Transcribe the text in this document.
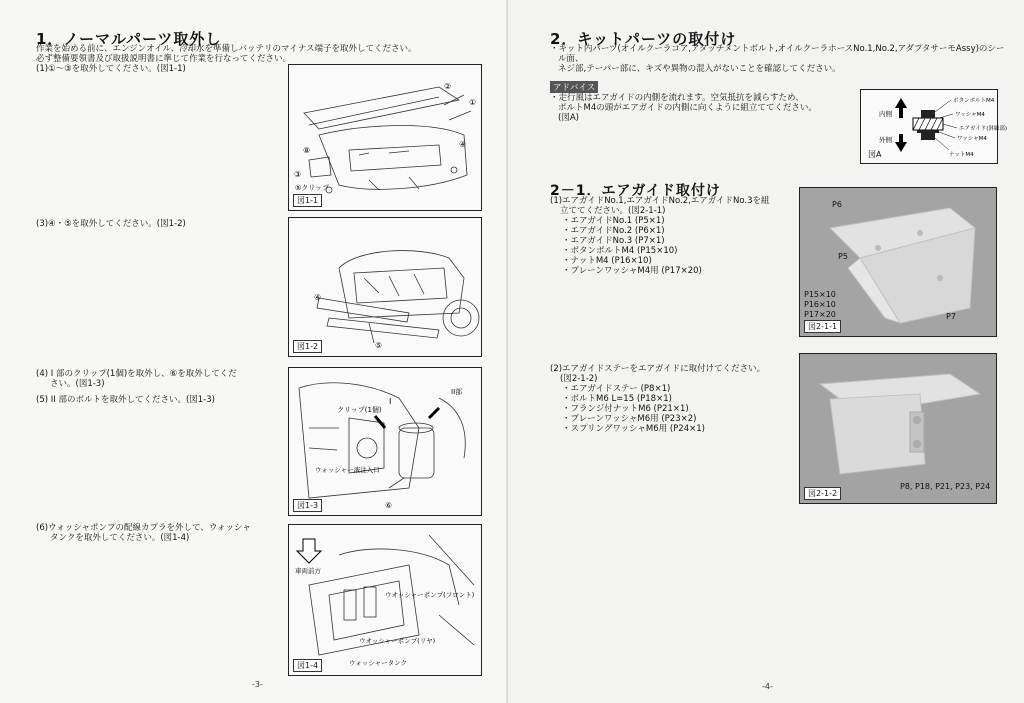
1．ノーマルパーツ取外し
作業を始める前に、エンジンオイル、冷却水を準備しバッテリのマイナス端子を取外してください。
必ず整備要領書及び取扱説明書に準じて作業を行なってください。
(1)①～③を取外してください。(図1-1)
①
②
③
④
⑧
⑤クリップ
図1-1
(3)④・⑤を取外してください。(図1-2)
④
⑤
図1-2
(4) I 部のクリップ(1個)を取外し、⑥を取外してくだ
さい。(図1-3)
(5) II 部のボルトを取外してください。(図1-3)
クリップ(1個)
II部
I
ウォッシャー液注入口
⑥
図1-3
(6)ウォッシャポンプの配線カプラを外して、ウォッシャ
タンクを取外してください。(図1-4)
車両前方
ウオッシャーポンプ(フロント)
ウオッシャーポンプ(リヤ)
ウォッシャータンク
図1-4
-3-
2．キットパーツの取付け
・キット内パーツ(オイルクーラコア,アタッチメントボルト,オイルクーラホースNo.1,No.2,アダプタサーモAssy)のシー
ル面、
ネジ部,テーパー部に、キズや異物の混入がないことを確認してください。
アドバイス
・走行風はエアガイドの内側を流れます。空気抵抗を減らすため、
ボルトM4の頭がエアガイドの内側に向くように組立ててください。
(図A)
ボタンボルトM4
ワッシャM4
エアガイド(斜線部)
ワッシャM4
ナットM4
内側
外側
図A
2－1．エアガイド取付け
(1)エアガイドNo.1,エアガイドNo.2,エアガイドNo.3を組
立ててください。(図2-1-1)
・エアガイドNo.1 (P5×1)
・エアガイドNo.2 (P6×1)
・エアガイドNo.3 (P7×1)
・ボタンボルトM4 (P15×10)
・ナットM4 (P16×10)
・プレーンワッシャM4用 (P17×20)
P6
P5
P15×10
P16×10
P17×20	P7
図2-1-1
(2)エアガイドステーをエアガイドに取付けてください。
(図2-1-2)
・エアガイドステー (P8×1)
・ボルトM6 L=15 (P18×1)
・フランジ付ナットM6 (P21×1)
・プレーンワッシャM6用 (P23×2)
・スプリングワッシャM6用 (P24×1)
P8, P18, P21, P23, P24
図2-1-2
-4-
